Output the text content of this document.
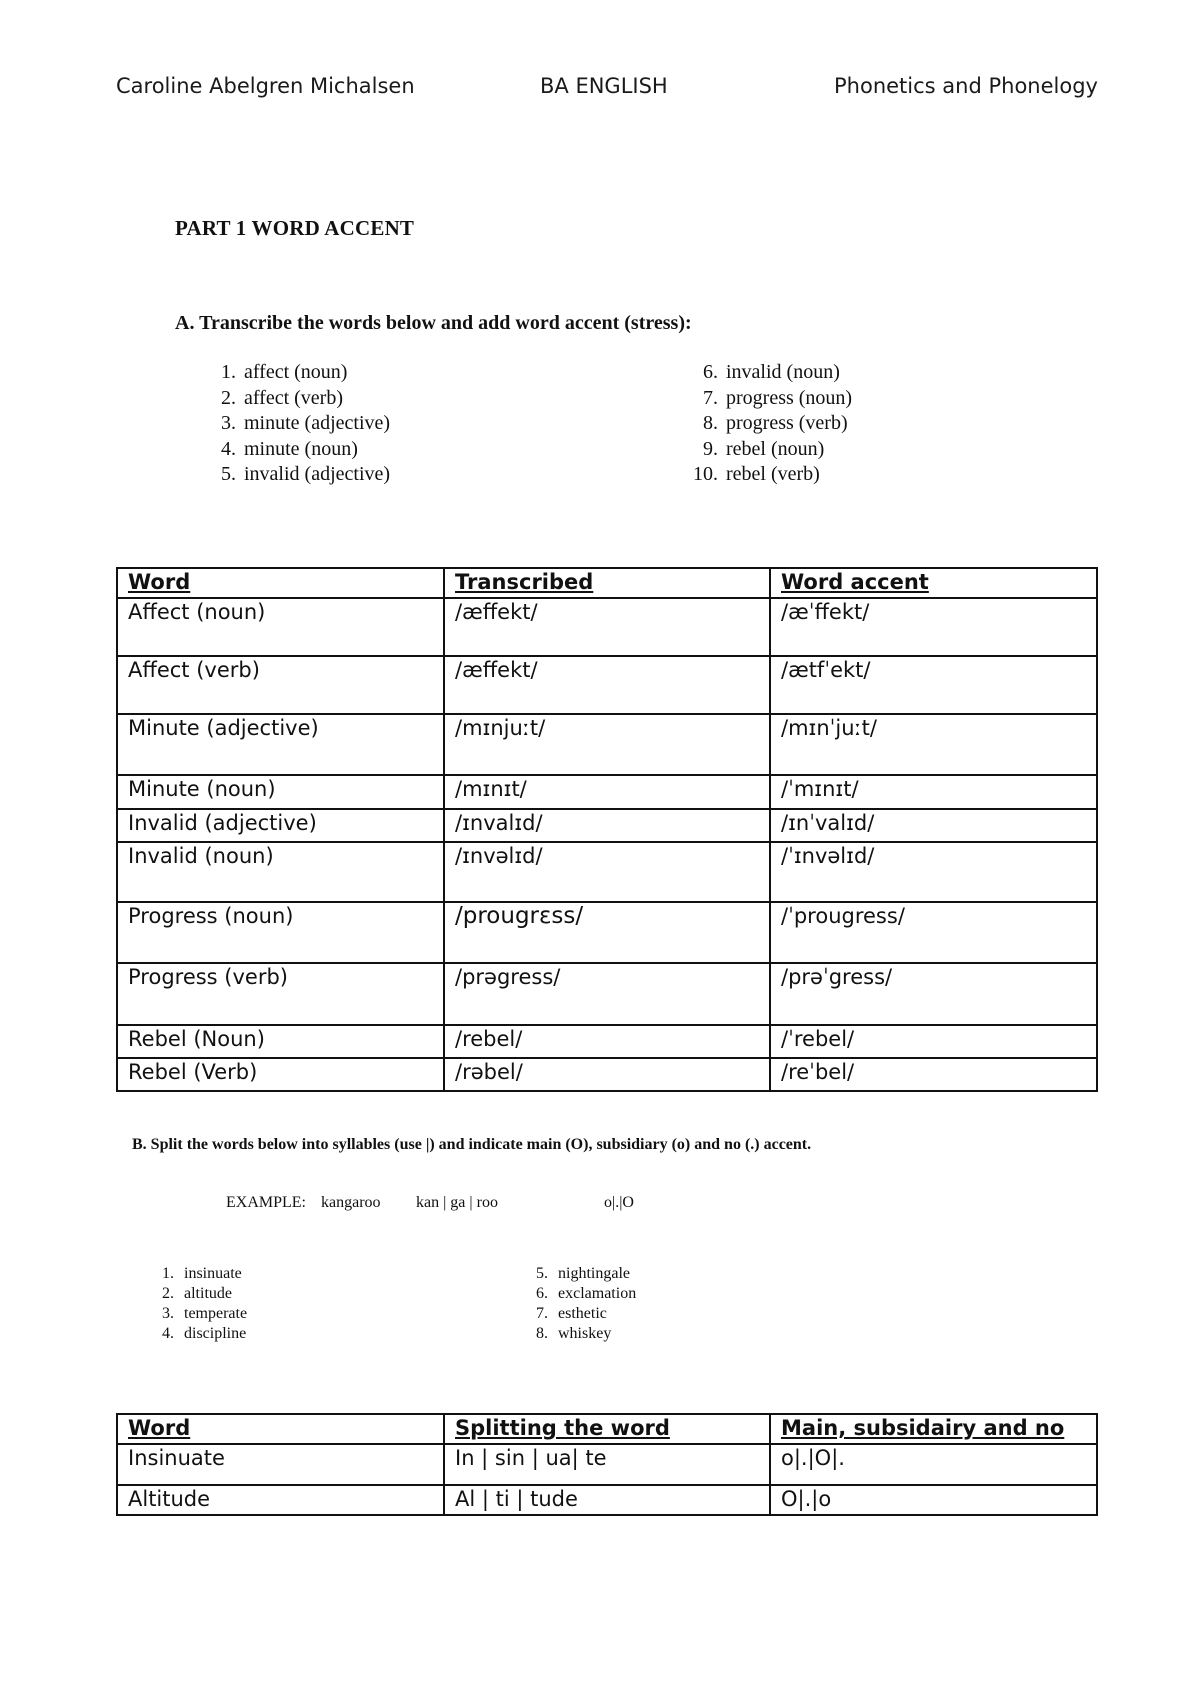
Caroline Abelgren Michalsen	BA ENGLISH	Phonetics and Phonelogy
PART 1 WORD ACCENT
A. Transcribe the words below and add word accent (stress):
1. affect (noun)
2. affect (verb)
3. minute (adjective)
4. minute (noun)
5. invalid (adjective)
6. invalid (noun)
7. progress (noun)
8. progress (verb)
9. rebel (noun)
10. rebel (verb)
Word	Transcribed	Word accent
Affect (noun)	/æffekt/	/æˈffekt/
Affect (verb)	/æffekt/	/ætfˈekt/
Minute (adjective)	/mɪnjuːt/	/mɪnˈjuːt/
Minute (noun)	/mɪnɪt/	/ˈmɪnɪt/
Invalid (adjective)	/ɪnvalɪd/	/ɪnˈvalɪd/
Invalid (noun)	/ɪnvəlɪd/	/ˈɪnvəlɪd/
Progress (noun)	/prougrεss/	/ˈprougress/
Progress (verb)	/prəgress/	/prəˈgress/
Rebel (Noun)	/rebel/	/ˈrebel/
Rebel (Verb)	/rəbel/	/reˈbel/
B. Split the words below into syllables (use |) and indicate main (O), subsidiary (o) and no (.) accent.
EXAMPLE: kangaroo kan | ga | roo	o|.|O
1. insinuate
2. altitude
3. temperate
4. discipline
5. nightingale
6. exclamation
7. esthetic
8. whiskey
Word	Splitting the word	Main, subsidairy and no
Insinuate	In | sin | ua| te	o|.|O|.
Altitude	Al | ti | tude	O|.|o
